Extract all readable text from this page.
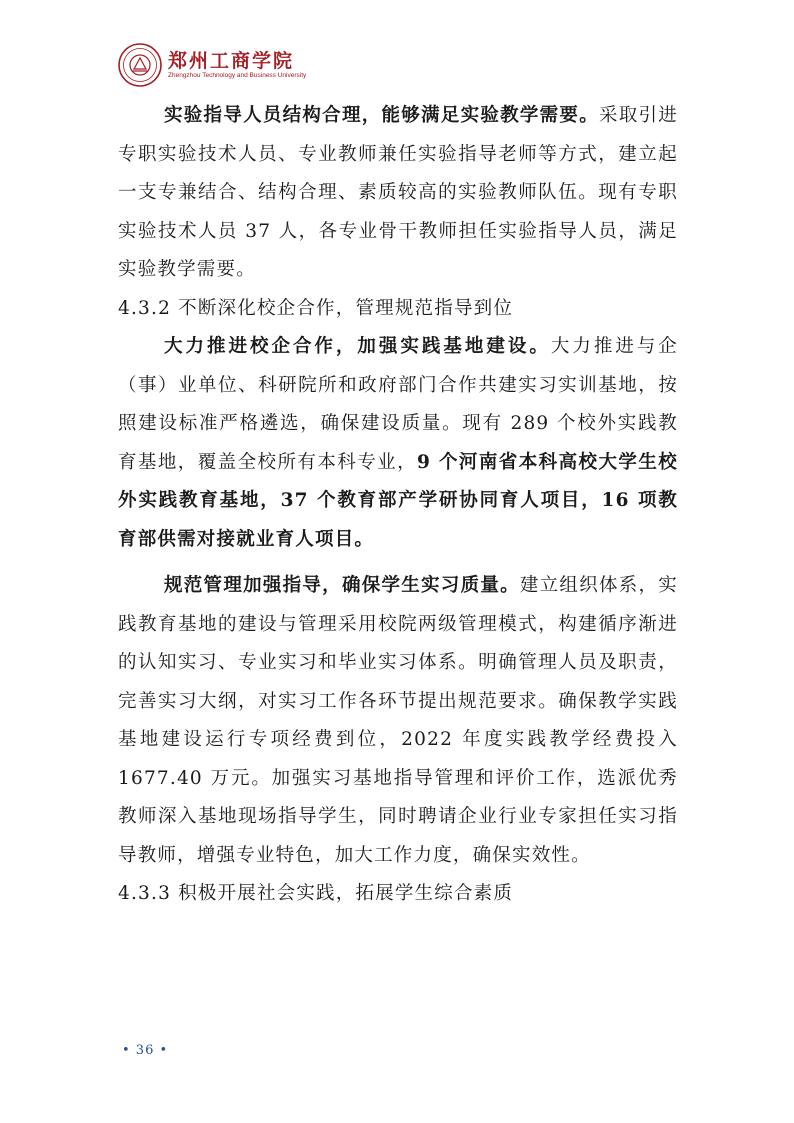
郑州工商学院
Zhengzhou Technology and Business University

实验指导人员结构合理，能够满足实验教学需要。采取引进专职实验技术人员、专业教师兼任实验指导老师等方式，建立起一支专兼结合、结构合理、素质较高的实验教师队伍。现有专职实验技术人员 37 人，各专业骨干教师担任实验指导人员，满足实验教学需要。

4.3.2 不断深化校企合作，管理规范指导到位

大力推进校企合作，加强实践基地建设。大力推进与企（事）业单位、科研院所和政府部门合作共建实习实训基地，按照建设标准严格遴选，确保建设质量。现有 289 个校外实践教育基地，覆盖全校所有本科专业，9 个河南省本科高校大学生校外实践教育基地，37 个教育部产学研协同育人项目，16 项教育部供需对接就业育人项目。

规范管理加强指导，确保学生实习质量。建立组织体系，实践教育基地的建设与管理采用校院两级管理模式，构建循序渐进的认知实习、专业实习和毕业实习体系。明确管理人员及职责，完善实习大纲，对实习工作各环节提出规范要求。确保教学实践基地建设运行专项经费到位，2022 年度实践教学经费投入 1677.40 万元。加强实习基地指导管理和评价工作，选派优秀教师深入基地现场指导学生，同时聘请企业行业专家担任实习指导教师，增强专业特色，加大工作力度，确保实效性。

4.3.3 积极开展社会实践，拓展学生综合素质

• 36 •
